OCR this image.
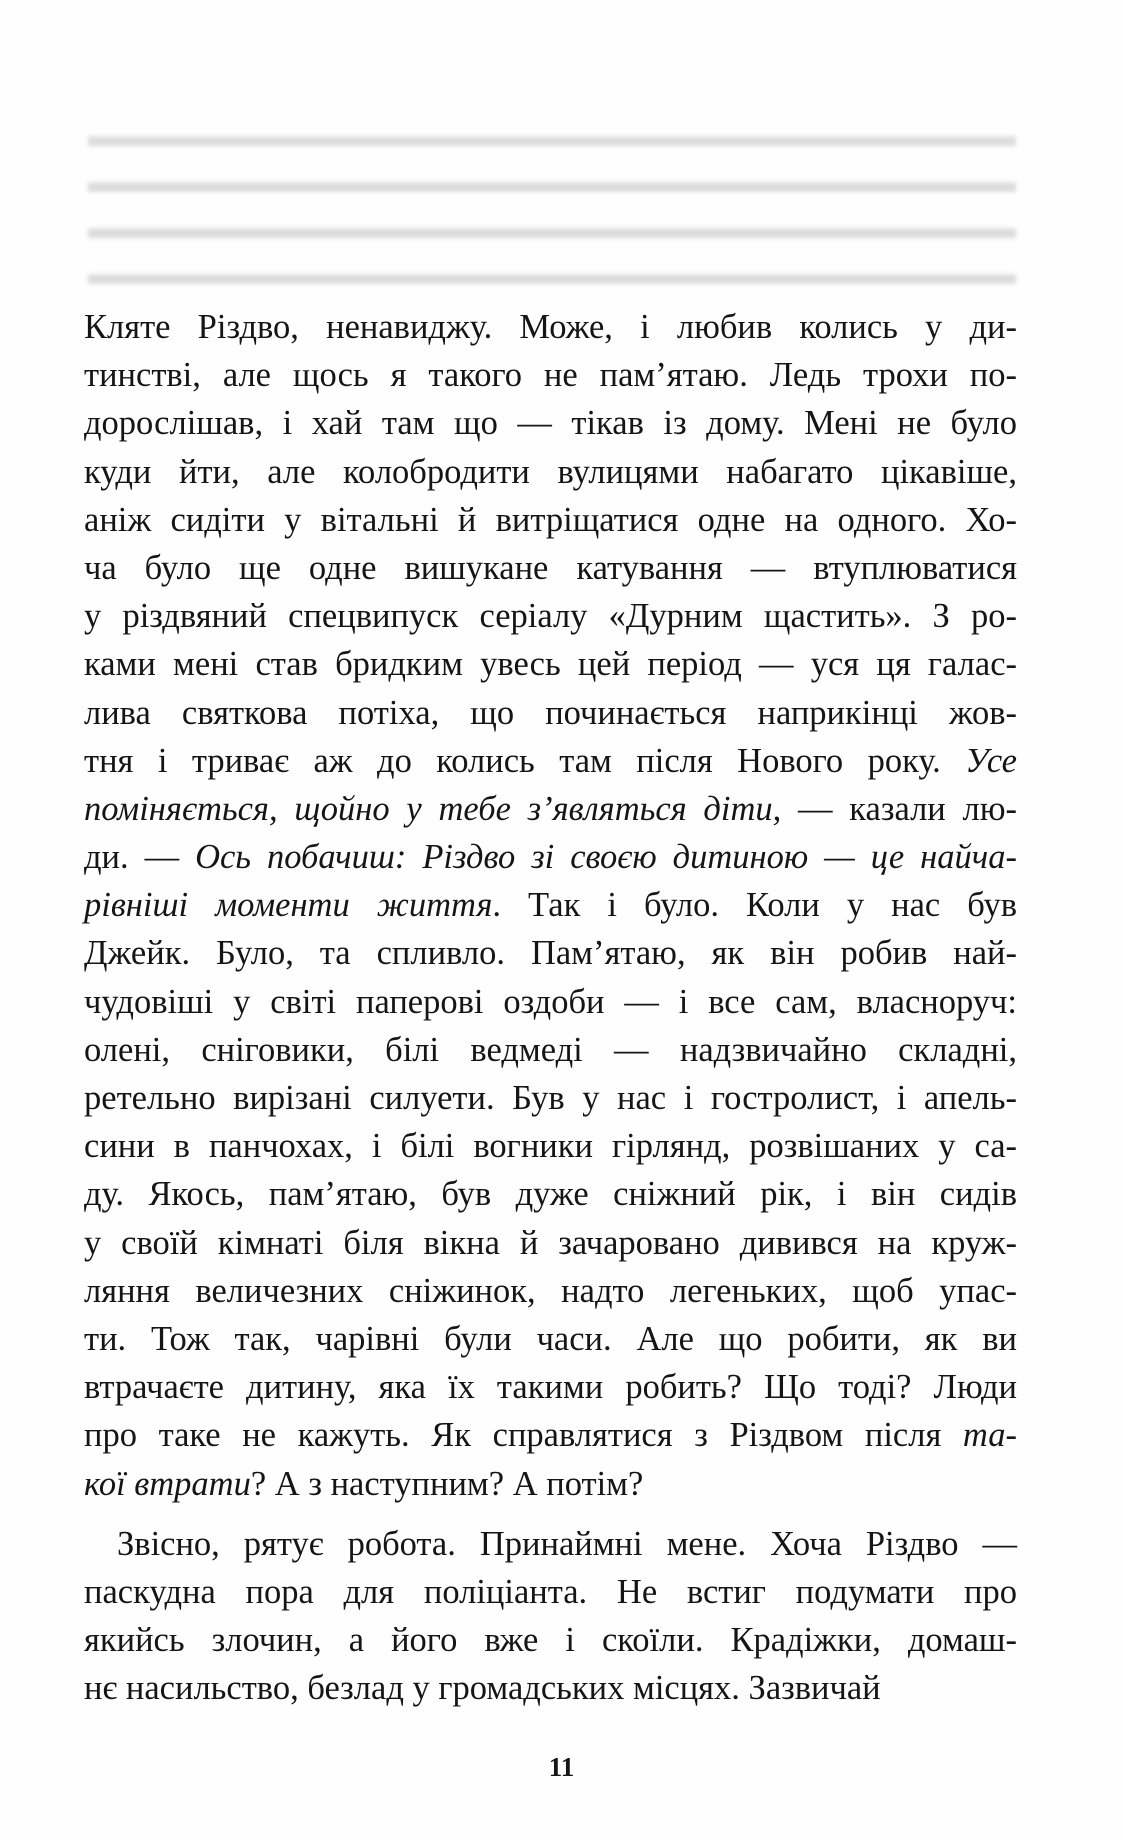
▬▬▬▬▬▬▬▬▬▬▬▬▬▬▬▬▬▬▬▬▬▬▬▬▬▬▬▬▬
▬▬▬▬▬▬▬▬▬▬▬▬▬▬▬▬▬▬▬▬▬▬▬▬▬▬▬▬▬
▬▬▬▬▬▬▬▬▬▬▬▬▬▬▬▬▬▬▬▬▬▬▬▬▬▬▬▬▬
▬▬▬▬▬▬▬▬▬▬▬▬▬▬▬▬▬▬▬▬▬▬▬▬▬▬▬▬▬
Кляте Різдво, ненавиджу. Може, і любив колись у ди-
тинстві, але щось я такого не пам’ятаю. Ледь трохи по-
дорослішав, і хай там що — тікав із дому. Мені не було
куди йти, але колобродити вулицями набагато цікавіше,
аніж сидіти у вітальні й витріщатися одне на одного. Хо-
ча було ще одне вишукане катування — втуплюватися
у різдвяний спецвипуск серіалу «Дурним щастить». З ро-
ками мені став бридким увесь цей період — уся ця галас-
лива святкова потіха, що починається наприкінці жов-
тня і триває аж до колись там після Нового року. Усе
поміняється, щойно у тебе з’являться діти, — казали лю-
ди. — Ось побачиш: Різдво зі своєю дитиною — це найча-
рівніші моменти життя. Так і було. Коли у нас був
Джейк. Було, та спливло. Пам’ятаю, як він робив най-
чудовіші у світі паперові оздоби — і все сам, власноруч:
олені, сніговики, білі ведмеді — надзвичайно складні,
ретельно вирізані силуети. Був у нас і гостролист, і апель-
сини в панчохах, і білі вогники гірлянд, розвішаних у са-
ду. Якось, пам’ятаю, був дуже сніжний рік, і він сидів
у своїй кімнаті біля вікна й зачаровано дивився на круж-
ляння величезних сніжинок, надто легеньких, щоб упас-
ти. Тож так, чарівні були часи. Але що робити, як ви
втрачаєте дитину, яка їх такими робить? Що тоді? Люди
про таке не кажуть. Як справлятися з Різдвом після та-
кої втрати? А з наступним? А потім?
Звісно, рятує робота. Принаймні мене. Хоча Різдво —
паскудна пора для поліціанта. Не встиг подумати про
якийсь злочин, а його вже і скоїли. Крадіжки, домаш-
нє насильство, безлад у громадських місцях. Зазвичай
11
